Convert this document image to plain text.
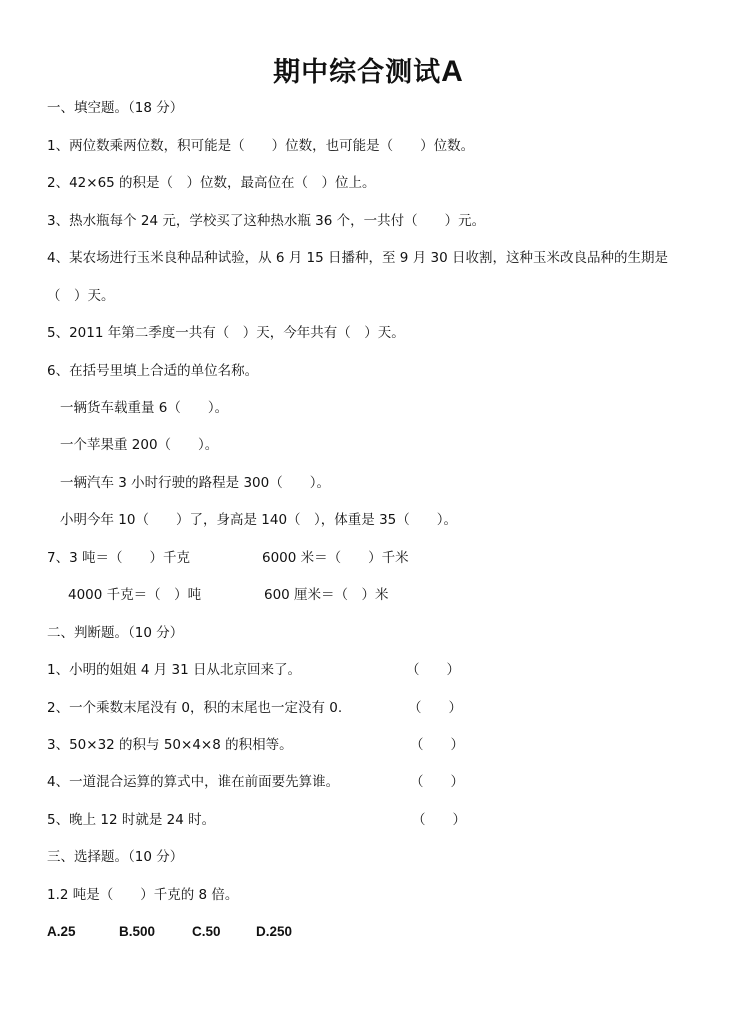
期中综合测试A
一、填空题。（18 分）
1、两位数乘两位数，积可能是（　　）位数，也可能是（　　）位数。
2、42×65 的积是（　）位数，最高位在（　）位上。
3、热水瓶每个 24 元，学校买了这种热水瓶 36 个，一共付（　　）元。
4、某农场进行玉米良种品种试验，从 6 月 15 日播种，至 9 月 30 日收割，这种玉米改良品种的生期是
（　）天。
5、2011 年第二季度一共有（　）天，今年共有（　）天。
6、在括号里填上合适的单位名称。
一辆货车载重量 6（　　）。
一个苹果重 200（　　）。
一辆汽车 3 小时行驶的路程是 300（　　）。
小明今年 10（　　）了，身高是 140（　），体重是 35（　　）。
7、3 吨＝（　　）千克	6000 米＝（　　）千米
4000 千克＝（　）吨	600 厘米＝（　）米
二、判断题。（10 分）
1、小明的姐姐 4 月 31 日从北京回来了。	（　　）
2、一个乘数末尾没有 0，积的末尾也一定没有 0.	（　　）
3、50×32 的积与 50×4×8 的积相等。	（　　）
4、一道混合运算的算式中，谁在前面要先算谁。	（　　）
5、晚上 12 时就是 24 时。	（　　）
三、选择题。（10 分）
1.2 吨是（　　）千克的 8 倍。
A.25	B.500	C.50	D.250
